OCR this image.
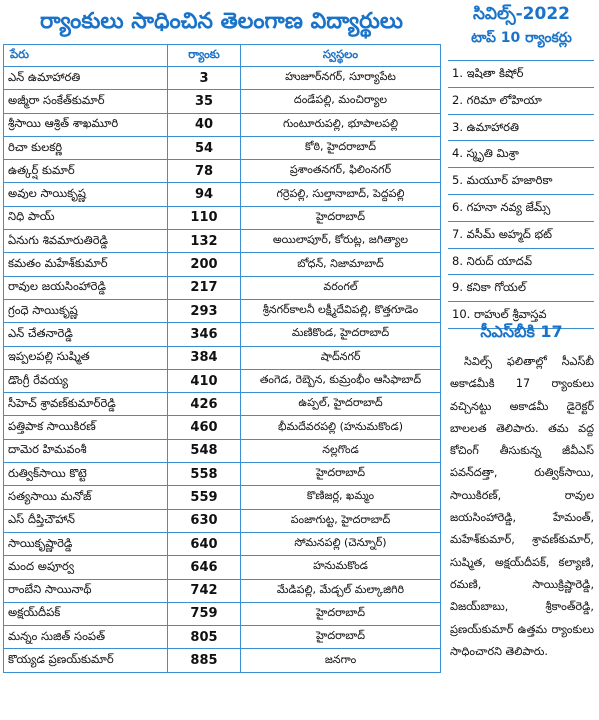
ర్యాంకులు సాధించిన తెలంగాణ విద్యార్థులు
పేరు	ర్యాంకు	స్వస్థలం
ఎన్‌ ఉమాహారతి	3	హుజూర్‌నగర్‌, సూర్యాపేట
అజ్మీరా సంకేత్‌కుమార్‌	35	దండేపల్లి, మంచిర్యాల
శ్రీసాయి ఆశ్రిత్‌ శాఖమూరి	40	గుంటూరుపల్లి, భూపాలపల్లి
రిచా కులకర్ణి	54	కోఠి, హైదరాబాద్‌
ఉత్కర్ష్‌ కుమార్‌	78	ప్రశాంతనగర్‌, ఫిలింనగర్‌
అవుల సాయికృష్ణ	94	గర్రెపల్లి, సుల్తానాబాద్‌, పెద్దపల్లి
నిధి పాయ్‌	110	హైదరాబాద్‌
ఏనుగు శివమారుతిరెడ్డి	132	అయిలాపూర్‌, కోరుట్ల, జగిత్యాల
కమతం మహేశ్‌కుమార్‌	200	బోధన్‌, నిజామాబాద్‌
రావుల జయసింహారెడ్డి	217	వరంగల్‌
గ్రంధె సాయికృష్ణ	293	శ్రీనగర్‌కాలనీ లక్ష్మీదేవిపల్లి, కొత్తగూడెం
ఎన్‌ చేతనారెడ్డి	346	మణికొండ, హైదరాబాద్‌
ఇప్పలపల్లి సుష్మిత	384	షాద్‌నగర్‌
డొంగ్రీ రేవయ్య	410	తంగెడ, రెబ్బెన, కుమ్రంభీం ఆసిఫాబాద్‌
సీహెచ్‌ శ్రావణ్‌కుమార్‌రెడ్డి	426	ఉప్పల్‌, హైదరాబాద్‌
పత్తిపాక సాయికిరణ్‌	460	భీమదేవరపల్లి (హనుమకొండ)
దామెర హిమవంశీ	548	నల్లగొండ
రుత్విక్‌సాయి కొట్టె	558	హైదరాబాద్‌
సత్యసాయి మనోజ్‌	559	కొణిజర్ల, ఖమ్మం
ఎస్‌ దీప్తిచౌహాన్‌	630	పంజాగుట్ట, హైదరాబాద్‌
సాయికృష్ణారెడ్డి	640	సోమనపల్లి (చెన్నూర్‌)
మంద అపూర్వ	646	హనుమకొండ
రాంబేని సాయినాథ్‌	742	మేడిపల్లి, మేడ్చల్‌ మల్కాజిగిరి
అక్షయ్‌దీపక్‌	759	హైదరాబాద్‌
మన్నం సుజిత్‌ సంపత్‌	805	హైదరాబాద్‌
కొయ్యడ ప్రణయ్‌కుమార్‌	885	జనగాం
సివిల్స్‌-2022
టాప్‌ 10 ర్యాంకర్లు
1. ఇషితా కిషోర్‌
2. గరిమా లోహియా
3. ఉమాహారతి
4. స్మృతి మిశ్రా
5. మయూర్‌ హజారికా
6. గహనా నవ్య జేమ్స్‌
7. వసీమ్‌ అహ్మద్‌ భట్‌
8. నిరుద్‌ యాదవ్‌
9. కనికా గోయల్‌
10. రాహుల్‌ శ్రీవాస్తవ
సీఎస్‌బీకి 17
సివిల్స్‌ ఫలితాల్లో సీఎస్‌బీ అకాడమీకి 17 ర్యాంకులు వచ్చినట్టు అకాడమీ డైరెక్టర్‌ బాలలత తెలిపారు. తమ వద్ద కోచింగ్‌ తీసుకున్న జీవీఎస్‌ పవన్‌దత్తా, రుత్విక్‌సాయి, సాయికిరణ్‌, రావుల జయసింహారెడ్డి, హేమంత్‌, మహేశ్‌కుమార్‌, శ్రావణ్‌కుమార్‌, సుష్మిత, అక్షయ్‌దీపక్‌, కల్యాణి, రమణి, సాయిక్రిష్ణారెడ్డి, విజయ్‌బాబు, శ్రీకాంత్‌రెడ్డి, ప్రణయ్‌కుమార్‌ ఉత్తమ ర్యాంకులు సాధించారని తెలిపారు.
